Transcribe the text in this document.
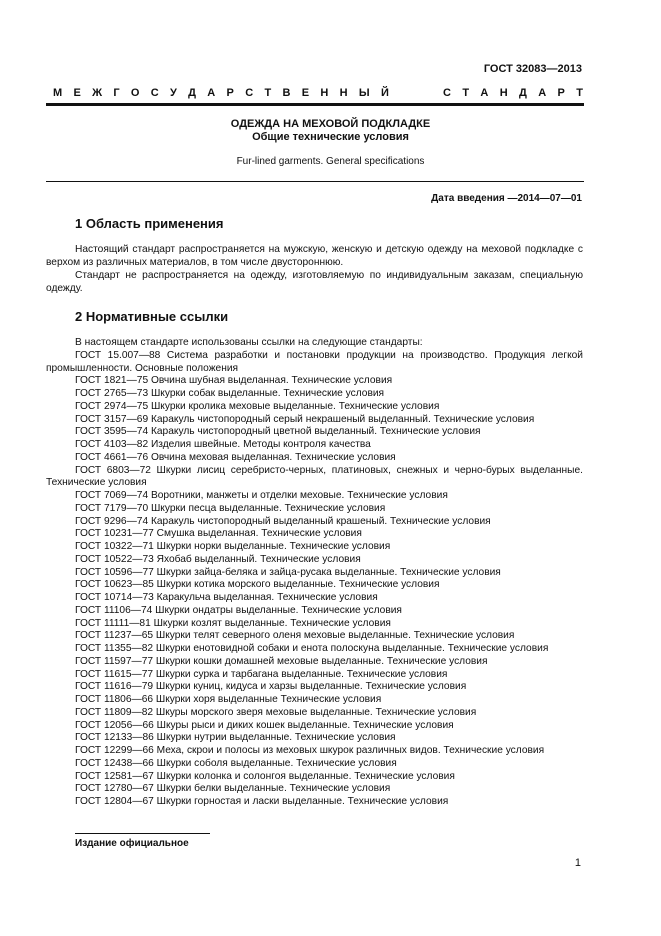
ГОСТ 32083—2013
М Е Ж Г О С У Д А Р С Т В Е Н Н Ы Й	С Т А Н Д А Р Т
ОДЕЖДА НА МЕХОВОЙ ПОДКЛАДКЕ
Общие технические условия
Fur-lined garments. General specifications
Дата введения —2014—07—01
1 Область применения
Настоящий стандарт распространяется на мужскую, женскую и детскую одежду на меховой подкладке с верхом из различных материалов, в том числе двустороннюю.
Стандарт не распространяется на одежду, изготовляемую по индивидуальным заказам, специальную одежду.
2 Нормативные ссылки
В настоящем стандарте использованы ссылки на следующие стандарты:
ГОСТ 15.007—88 Система разработки и постановки продукции на производство. Продукция легкой промышленности. Основные положения
ГОСТ 1821—75 Овчина шубная выделанная. Технические условия
ГОСТ 2765—73 Шкурки собак выделанные. Технические условия
ГОСТ 2974—75 Шкурки кролика меховые выделанные. Технические условия
ГОСТ 3157—69 Каракуль чистопородный серый некрашеный выделанный. Технические условия
ГОСТ 3595—74 Каракуль чистопородный цветной выделанный. Технические условия
ГОСТ 4103—82 Изделия швейные. Методы контроля качества
ГОСТ 4661—76 Овчина меховая выделанная. Технические условия
ГОСТ 6803—72 Шкурки лисиц серебристо-черных, платиновых, снежных и черно-бурых выделанные. Технические условия
ГОСТ 7069—74 Воротники, манжеты и отделки меховые. Технические условия
ГОСТ 7179—70 Шкурки песца выделанные. Технические условия
ГОСТ 9296—74 Каракуль чистопородный выделанный крашеный. Технические условия
ГОСТ 10231—77 Смушка выделанная. Технические условия
ГОСТ 10322—71 Шкурки норки выделанные. Технические условия
ГОСТ 10522—73 Яхобаб выделанный. Технические условия
ГОСТ 10596—77 Шкурки зайца-беляка и зайца-русака выделанные. Технические условия
ГОСТ 10623—85 Шкурки котика морского выделанные. Технические условия
ГОСТ 10714—73 Каракульча выделанная. Технические условия
ГОСТ 11106—74 Шкурки ондатры выделанные. Технические условия
ГОСТ 11111—81 Шкурки козлят выделанные. Технические условия
ГОСТ 11237—65 Шкурки телят северного оленя меховые выделанные. Технические условия
ГОСТ 11355—82 Шкурки енотовидной собаки и енота полоскуна выделанные. Технические условия
ГОСТ 11597—77 Шкурки кошки домашней меховые выделанные. Технические условия
ГОСТ 11615—77 Шкурки сурка и тарбагана выделанные. Технические условия
ГОСТ 11616—79 Шкурки куниц, кидуса и харзы выделанные. Технические условия
ГОСТ 11806—66 Шкурки хоря выделанные Технические условия
ГОСТ 11809—82 Шкуры морского зверя меховые выделанные. Технические условия
ГОСТ 12056—66 Шкуры рыси и диких кошек выделанные. Технические условия
ГОСТ 12133—86 Шкурки нутрии выделанные. Технические условия
ГОСТ 12299—66 Меха, скрои и полосы из меховых шкурок различных видов. Технические условия
ГОСТ 12438—66 Шкурки соболя выделанные. Технические условия
ГОСТ 12581—67 Шкурки колонка и солонгоя выделанные. Технические условия
ГОСТ 12780—67 Шкурки белки выделанные. Технические условия
ГОСТ 12804—67 Шкурки горностая и ласки выделанные. Технические условия
Издание официальное
1
